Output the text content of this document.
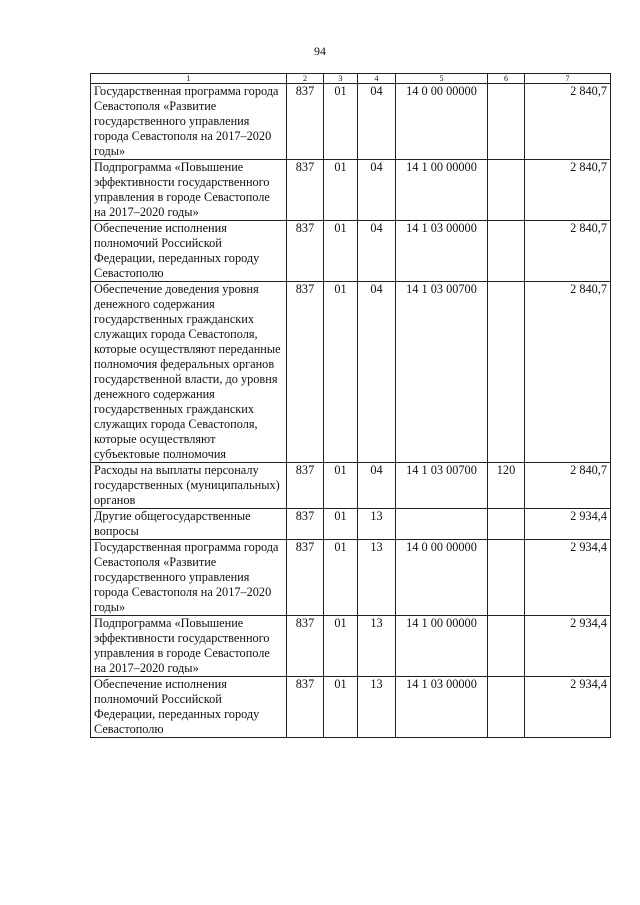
94
1	2	3	4	5	6	7
Государственная программа города Севастополя «Развитие государственного управления города Севастополя на 2017–2020 годы»	837	01	04	14 0 00 00000		2 840,7
Подпрограмма «Повышение эффективности государственного управления в городе Севастополе на 2017–2020 годы»	837	01	04	14 1 00 00000		2 840,7
Обеспечение исполнения полномочий Российской Федерации, переданных городу Севастополю	837	01	04	14 1 03 00000		2 840,7
Обеспечение доведения уровня денежного содержания государственных гражданских служащих города Севастополя, которые осуществляют переданные полномочия федеральных органов государственной власти, до уровня денежного содержания государственных гражданских служащих города Севастополя, которые осуществляют субъектовые полномочия	837	01	04	14 1 03 00700		2 840,7
Расходы на выплаты персоналу государственных (муниципальных) органов	837	01	04	14 1 03 00700	120	2 840,7
Другие общегосударственные вопросы	837	01	13			2 934,4
Государственная программа города Севастополя «Развитие государственного управления города Севастополя на 2017–2020 годы»	837	01	13	14 0 00 00000		2 934,4
Подпрограмма «Повышение эффективности государственного управления в городе Севастополе на 2017–2020 годы»	837	01	13	14 1 00 00000		2 934,4
Обеспечение исполнения полномочий Российской Федерации, переданных городу Севастополю	837	01	13	14 1 03 00000		2 934,4
